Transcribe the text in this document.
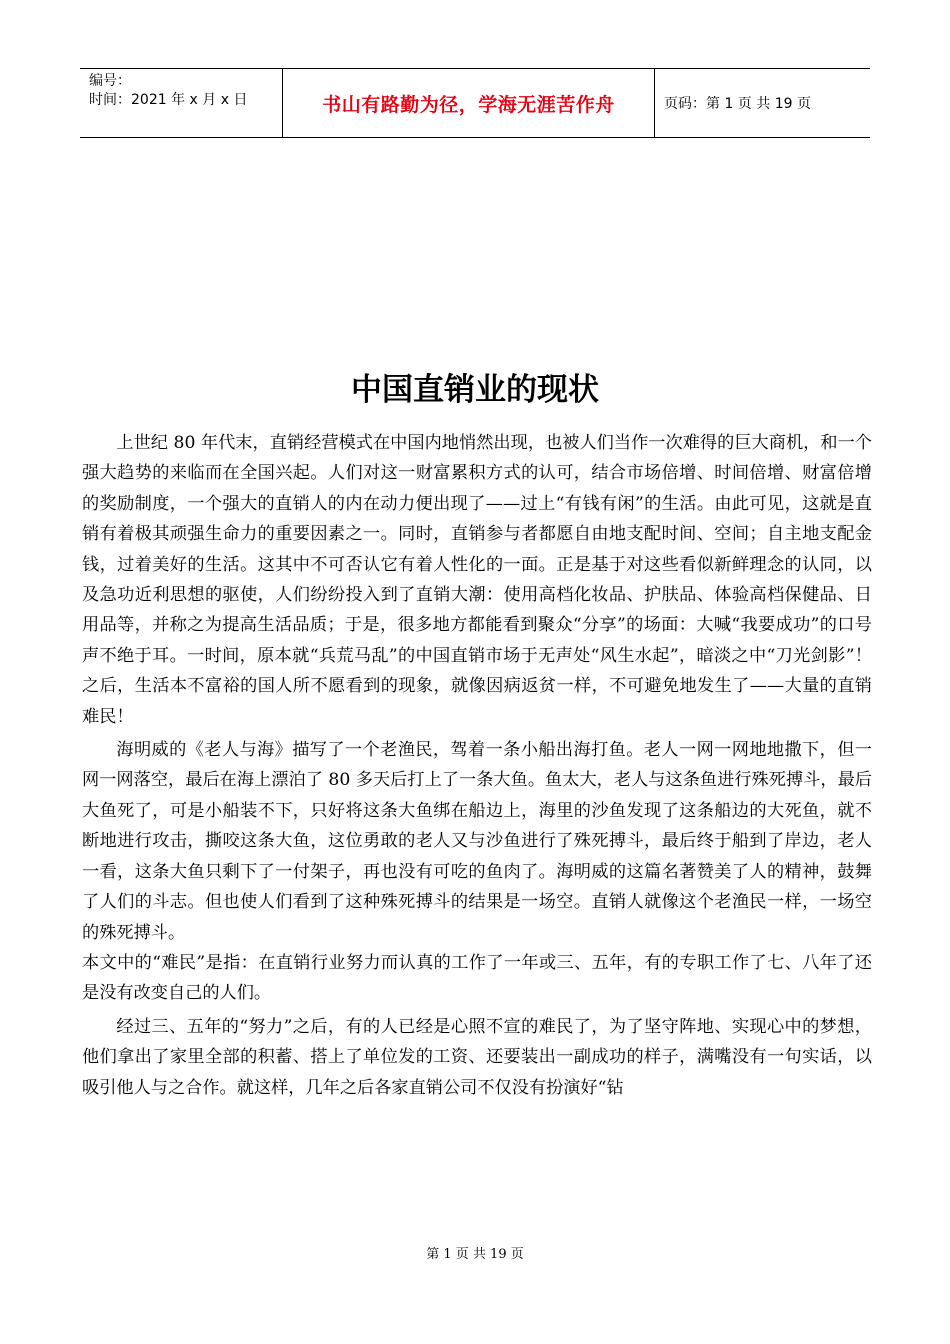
编号：
时间：2021 年 x 月 x 日	书山有路勤为径，学海无涯苦作舟	页码：第 1 页 共 19 页
中国直销业的现状

上世纪 80 年代末，直销经营模式在中国内地悄然出现，也被人们当作一次难得的巨大商机，和一个强大趋势的来临而在全国兴起。人们对这一财富累积方式的认可，结合市场倍增、时间倍增、财富倍增的奖励制度，一个强大的直销人的内在动力便出现了——过上“有钱有闲”的生活。由此可见，这就是直销有着极其顽强生命力的重要因素之一。同时，直销参与者都愿自由地支配时间、空间；自主地支配金钱，过着美好的生活。这其中不可否认它有着人性化的一面。正是基于对这些看似新鲜理念的认同，以及急功近利思想的驱使，人们纷纷投入到了直销大潮：使用高档化妆品、护肤品、体验高档保健品、日用品等，并称之为提高生活品质；于是，很多地方都能看到聚众“分享”的场面：大喊“我要成功”的口号声不绝于耳。一时间，原本就“兵荒马乱”的中国直销市场于无声处“风生水起”，暗淡之中“刀光剑影”！之后，生活本不富裕的国人所不愿看到的现象，就像因病返贫一样，不可避免地发生了——大量的直销难民！

海明威的《老人与海》描写了一个老渔民，驾着一条小船出海打鱼。老人一网一网地地撒下，但一网一网落空，最后在海上漂泊了 80 多天后打上了一条大鱼。鱼太大，老人与这条鱼进行殊死搏斗，最后大鱼死了，可是小船装不下，只好将这条大鱼绑在船边上，海里的沙鱼发现了这条船边的大死鱼，就不断地进行攻击，撕咬这条大鱼，这位勇敢的老人又与沙鱼进行了殊死搏斗，最后终于船到了岸边，老人一看，这条大鱼只剩下了一付架子，再也没有可吃的鱼肉了。海明威的这篇名著赞美了人的精神，鼓舞了人们的斗志。但也使人们看到了这种殊死搏斗的结果是一场空。直销人就像这个老渔民一样，一场空的殊死搏斗。

本文中的“难民”是指：在直销行业努力而认真的工作了一年或三、五年，有的专职工作了七、八年了还是没有改变自己的人们。

经过三、五年的“努力”之后，有的人已经是心照不宣的难民了，为了坚守阵地、实现心中的梦想，他们拿出了家里全部的积蓄、搭上了单位发的工资、还要装出一副成功的样子，满嘴没有一句实话，以吸引他人与之合作。就这样，几年之后各家直销公司不仅没有扮演好“钻

第 1 页 共 19 页
